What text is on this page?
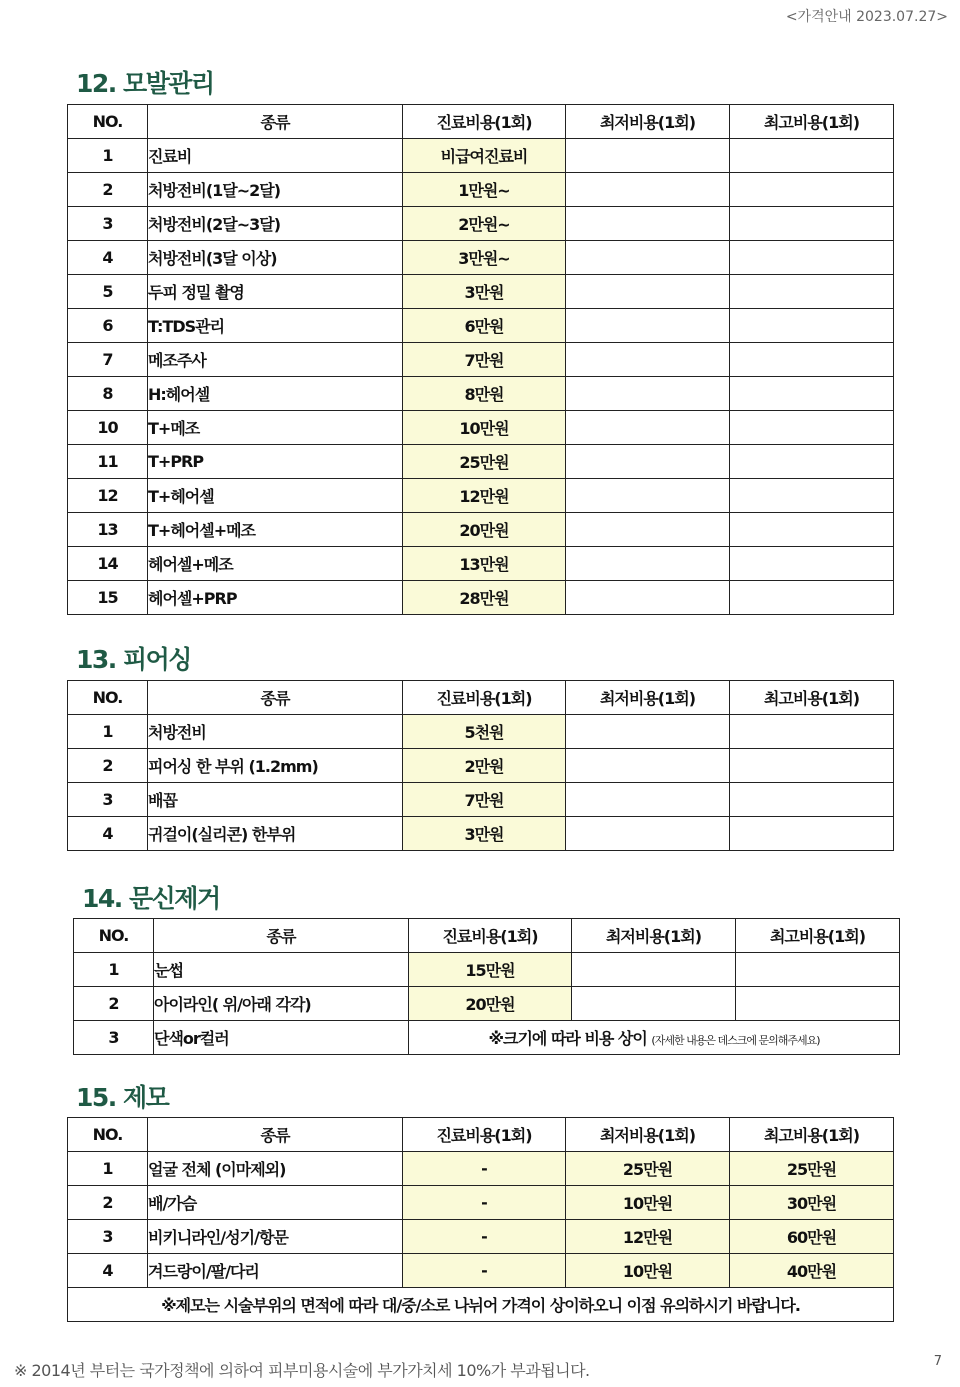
<가격안내 2023.07.27>
12. 모발관리
NO.	종류	진료비용(1회)	최저비용(1회)	최고비용(1회)
1	진료비	비급여진료비		
2	처방전비(1달~2달)	1만원~		
3	처방전비(2달~3달)	2만원~		
4	처방전비(3달 이상)	3만원~		
5	두피 정밀 촬영	3만원		
6	T:TDS관리	6만원		
7	메조주사	7만원		
8	H:헤어셀	8만원		
10	T+메조	10만원		
11	T+PRP	25만원		
12	T+헤어셀	12만원		
13	T+헤어셀+메조	20만원		
14	헤어셀+메조	13만원		
15	헤어셀+PRP	28만원		
13. 피어싱
NO.	종류	진료비용(1회)	최저비용(1회)	최고비용(1회)
1	처방전비	5천원		
2	피어싱 한 부위 (1.2mm)	2만원		
3	배꼽	7만원		
4	귀걸이(실리콘) 한부위	3만원		
14. 문신제거
NO.	종류	진료비용(1회)	최저비용(1회)	최고비용(1회)
1	눈썹	15만원		
2	아이라인( 위/아래 각각)	20만원		
3	단색or컬러	※크기에 따라 비용 상이 (자세한 내용은 데스크에 문의해주세요)		
15. 제모
NO.	종류	진료비용(1회)	최저비용(1회)	최고비용(1회)
1	얼굴 전체 (이마제외)	-	25만원	25만원
2	배/가슴	-	10만원	30만원
3	비키니라인/성기/항문	-	12만원	60만원
4	겨드랑이/팔/다리	-	10만원	40만원
※제모는 시술부위의 면적에 따라 대/중/소로 나뉘어 가격이 상이하오니 이점 유의하시기 바랍니다.				
※ 2014년 부터는 국가정책에 의하여 피부미용시술에 부가가치세 10%가 부과됩니다.	7
